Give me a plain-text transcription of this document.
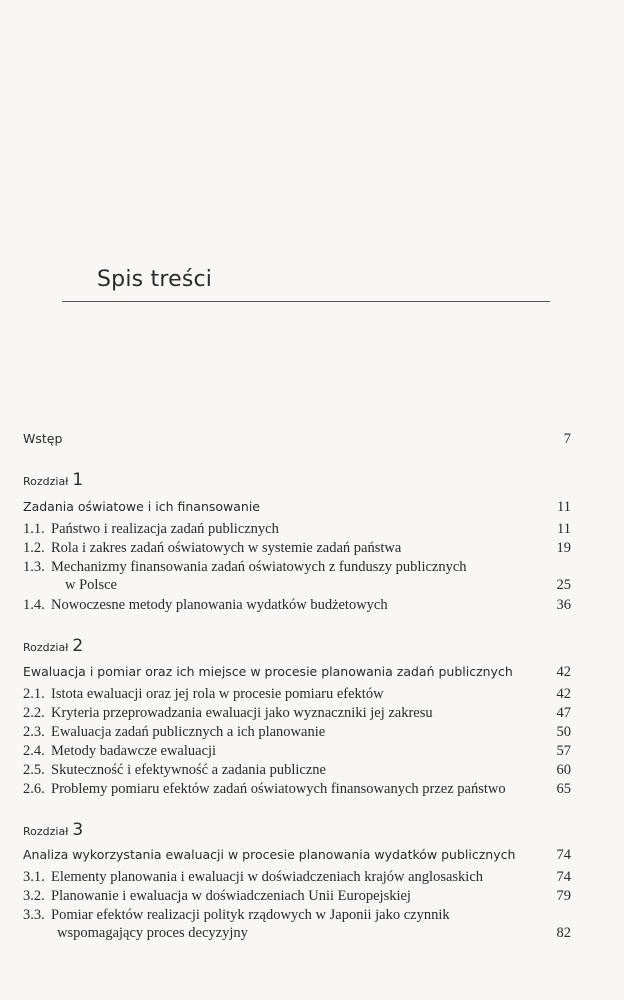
Spis treści
Wstęp	7
Rozdział 1
Zadania oświatowe i ich finansowanie	11
1.1. Państwo i realizacja zadań publicznych	11
1.2. Rola i zakres zadań oświatowych w systemie zadań państwa	19
1.3. Mechanizmy finansowania zadań oświatowych z funduszy publicznych
w Polsce	25
1.4. Nowoczesne metody planowania wydatków budżetowych	36
Rozdział 2
Ewaluacja i pomiar oraz ich miejsce w procesie planowania zadań publicznych	42
2.1. Istota ewaluacji oraz jej rola w procesie pomiaru efektów	42
2.2. Kryteria przeprowadzania ewaluacji jako wyznaczniki jej zakresu	47
2.3. Ewaluacja zadań publicznych a ich planowanie	50
2.4. Metody badawcze ewaluacji	57
2.5. Skuteczność i efektywność a zadania publiczne	60
2.6. Problemy pomiaru efektów zadań oświatowych finansowanych przez państwo	65
Rozdział 3
Analiza wykorzystania ewaluacji w procesie planowania wydatków publicznych	74
3.1. Elementy planowania i ewaluacji w doświadczeniach krajów anglosaskich	74
3.2. Planowanie i ewaluacja w doświadczeniach Unii Europejskiej	79
3.3. Pomiar efektów realizacji polityk rządowych w Japonii jako czynnik
wspomagający proces decyzyjny	82
